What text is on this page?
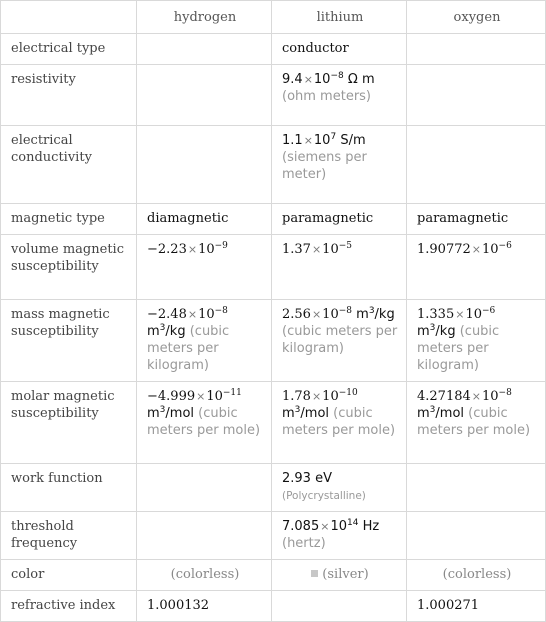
	hydrogen	lithium	oxygen
electrical type		conductor	
resistivity		$9.4\times 10^{-8}$ Ω m
(ohm meters)	
electrical conductivity		$1.1\times 10^7$ S/m
(siemens per meter)	
magnetic type	diamagnetic	paramagnetic	paramagnetic
volume magnetic susceptibility	$-2.23\times 10^{-9}$	$1.37\times 10^{-5}$	$1.90772\times 10^{-6}$
mass magnetic susceptibility	$-2.48\times 10^{-8}$ $m^3/kg$ (cubic meters per kilogram)	$2.56\times 10^{-8}$ $m^3/kg$ (cubic meters per kilogram)	$1.335\times 10^{-6}$ $m^3/kg$ (cubic meters per kilogram)
molar magnetic susceptibility	$-4.999\times 10^{-11}$ $m^3$/mol (cubic meters per mole)	$1.78\times 10^{-10}$ $m^3$/mol (cubic meters per mole)	$4.27184\times 10^{-8}$ $m^3$/mol (cubic meters per mole)
work function		2.93 eV
(Polycrystalline)	
threshold frequency		$7.085\times 10^{14}$ Hz
(hertz)	
color	(colorless)	(silver)	(colorless)
refractive index	1.000132		1.000271
